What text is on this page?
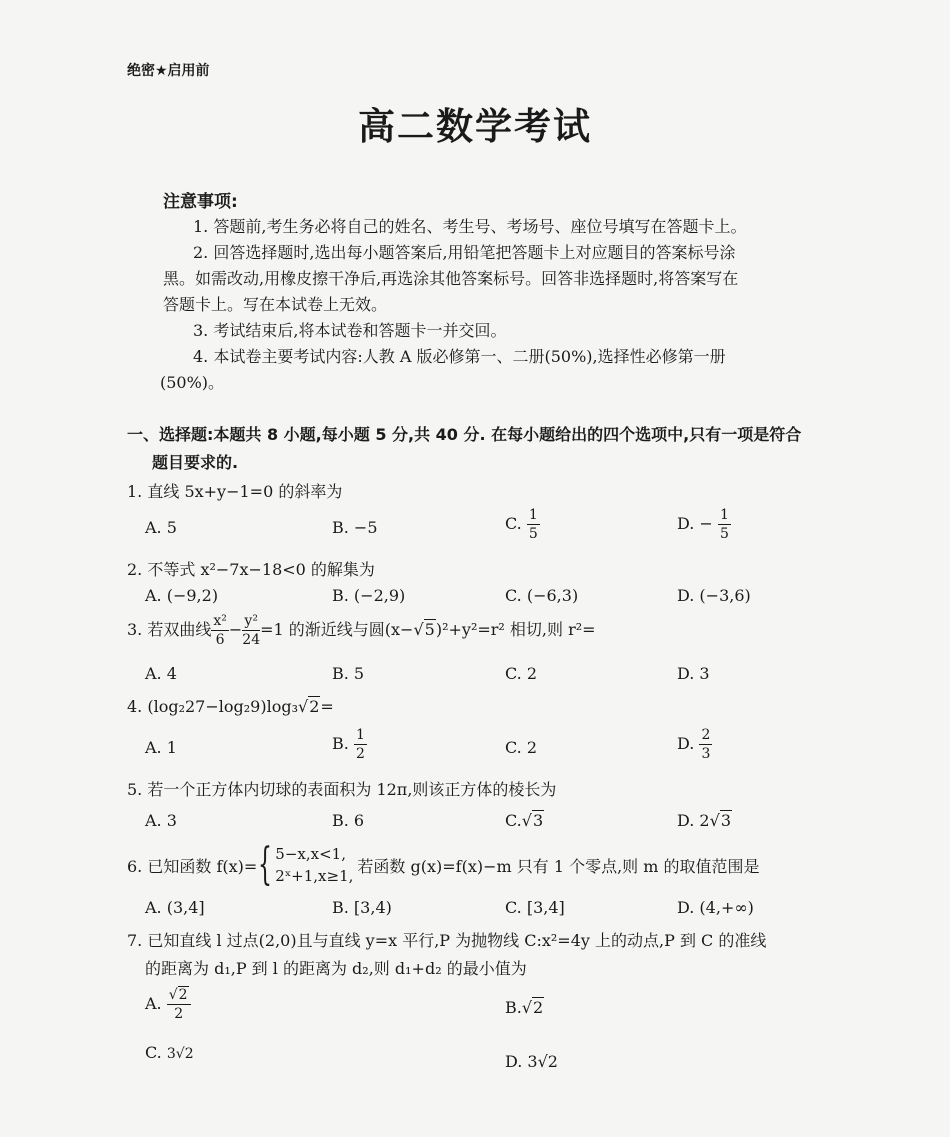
绝密★启用前
高二数学考试
注意事项:
1. 答题前,考生务必将自己的姓名、考生号、考场号、座位号填写在答题卡上。
2. 回答选择题时,选出每小题答案后,用铅笔把答题卡上对应题目的答案标号涂
黑。如需改动,用橡皮擦干净后,再选涂其他答案标号。回答非选择题时,将答案写在
答题卡上。写在本试卷上无效。
3. 考试结束后,将本试卷和答题卡一并交回。
4. 本试卷主要考试内容:人教 A 版必修第一、二册(50%),选择性必修第一册
(50%)。
一、选择题:本题共 8 小题,每小题 5 分,共 40 分. 在每小题给出的四个选项中,只有一项是符合
题目要求的.
1. 直线 5x+y−1=0 的斜率为
A. 5	B. −5	C. $\frac{1}{5}$	D. − $\frac{1}{5}$
2. 不等式 x²−7x−18<0 的解集为
A. (−9,2)	B. (−2,9)	C. (−6,3)	D. (−3,6)
3. 若双曲线 $\frac{\text{x²}}{6} - \frac{\text{y²}}{24} =1$ 的渐近线与圆(x−√5)²+y²=r² 相切,则 r²=
A. 4	B. 5	C. 2	D. 3
4. (log₂27−log₂9)log₃√2=
A. 1	B. $\frac{1}{2}$	C. 2	D. $\frac{2}{3}$
5. 若一个正方体内切球的表面积为 12π,则该正方体的棱长为
A. 3	B. 6	C.√3	D. 2√3
6. 已知函数 f(x)= { 5−x,x<1,
2ˣ+1,x≥1,
若函数 g(x)=f(x)−m 只有 1 个零点,则 m 的取值范围是
A. (3,4]	B. [3,4)	C. [3,4]	D. (4,+∞)
7. 已知直线 l 过点(2,0)且与直线 y=x 平行,P 为抛物线 C:x²=4y 上的动点,P 到 C 的准线
的距离为 d₁,P 到 l 的距离为 d₂,则 d₁+d₂ 的最小值为
A. $\frac{√2}{2}$	B.√2
C. 3√2	D. 3√2
